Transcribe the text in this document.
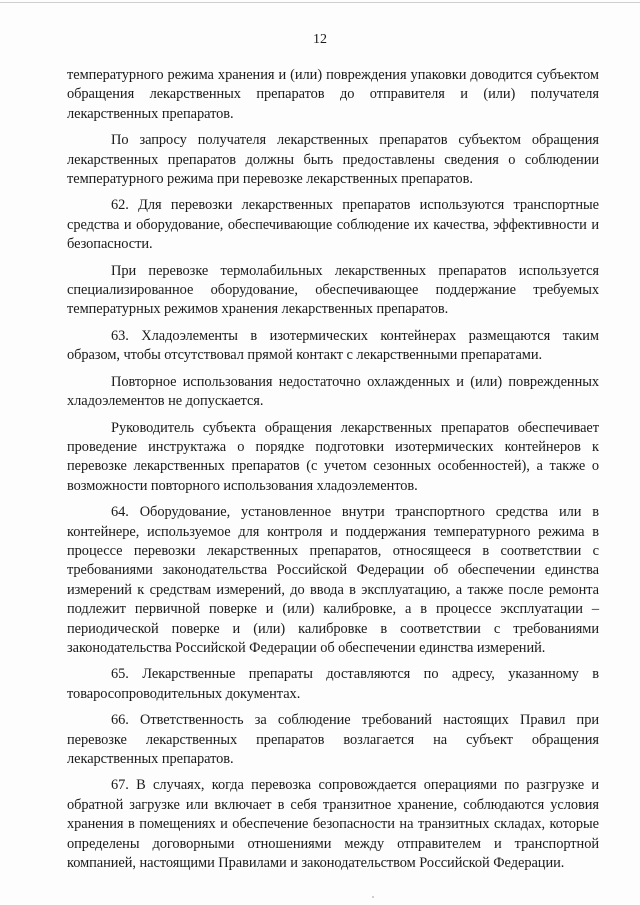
12

температурного режима хранения и (или) повреждения упаковки доводится субъектом обращения лекарственных препаратов до отправителя и (или) получателя лекарственных препаратов.

По запросу получателя лекарственных препаратов субъектом обращения лекарственных препаратов должны быть предоставлены сведения о соблюдении температурного режима при перевозке лекарственных препаратов.

62. Для перевозки лекарственных препаратов используются транспортные средства и оборудование, обеспечивающие соблюдение их качества, эффективности и безопасности.

При перевозке термолабильных лекарственных препаратов используется специализированное оборудование, обеспечивающее поддержание требуемых температурных режимов хранения лекарственных препаратов.

63. Хладоэлементы в изотермических контейнерах размещаются таким образом, чтобы отсутствовал прямой контакт с лекарственными препаратами.

Повторное использования недостаточно охлажденных и (или) поврежденных хладоэлементов не допускается.

Руководитель субъекта обращения лекарственных препаратов обеспечивает проведение инструктажа о порядке подготовки изотермических контейнеров к перевозке лекарственных препаратов (с учетом сезонных особенностей), а также о возможности повторного использования хладоэлементов.

64. Оборудование, установленное внутри транспортного средства или в контейнере, используемое для контроля и поддержания температурного режима в процессе перевозки лекарственных препаратов, относящееся в соответствии с требованиями законодательства Российской Федерации об обеспечении единства измерений к средствам измерений, до ввода в эксплуатацию, а также после ремонта подлежит первичной поверке и (или) калибровке, а в процессе эксплуатации – периодической поверке и (или) калибровке в соответствии с требованиями законодательства Российской Федерации об обеспечении единства измерений.

65. Лекарственные препараты доставляются по адресу, указанному в товаросопроводительных документах.

66. Ответственность за соблюдение требований настоящих Правил при перевозке лекарственных препаратов возлагается на субъект обращения лекарственных препаратов.

67. В случаях, когда перевозка сопровождается операциями по разгрузке и обратной загрузке или включает в себя транзитное хранение, соблюдаются условия хранения в помещениях и обеспечение безопасности на транзитных складах, которые определены договорными отношениями между отправителем и транспортной компанией, настоящими Правилами и законодательством Российской Федерации.
